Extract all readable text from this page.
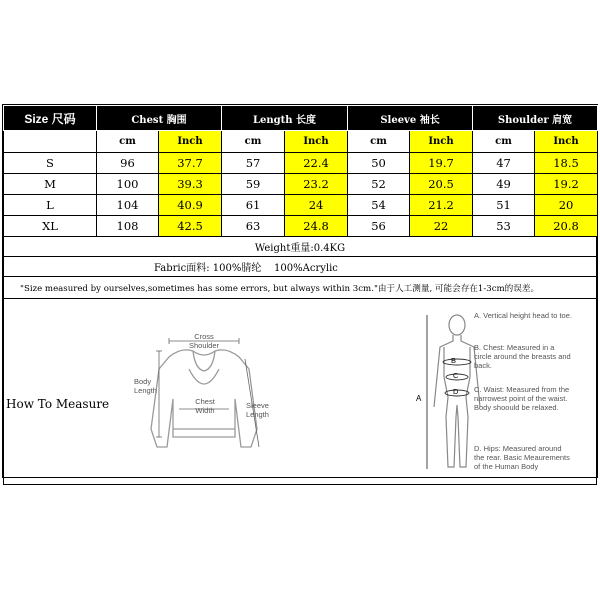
Size 尺码	Chest 胸围		Length 长度		Sleeve 袖长		Shoulder 肩宽	
	cm	Inch	cm	Inch	cm	Inch	cm	Inch
S	96	37.7	57	22.4	50	19.7	47	18.5
M	100	39.3	59	23.2	52	20.5	49	19.2
L	104	40.9	61	24	54	21.2	51	20
XL	108	42.5	63	24.8	56	22	53	20.8
Weight重量:0.4KG
Fabric面料: 100%腈纶    100%Acrylic
"Size measured by ourselves,sometimes has some errors, but always within 3cm."由于人工测量, 可能会存在1-3cm的误差。
How To Measure
Cross Shoulder
Body Length
Chest Width
Sleeve Length
A
B
C
D
A. Vertical height head to toe.
B. Chest: Measured in a circle around the breasts and back.
C. Waist: Measured from the narrowest point of the waist. Body shoould be relaxed.
D. Hips: Measured around the rear. Basic Meaurements of the Human Body
